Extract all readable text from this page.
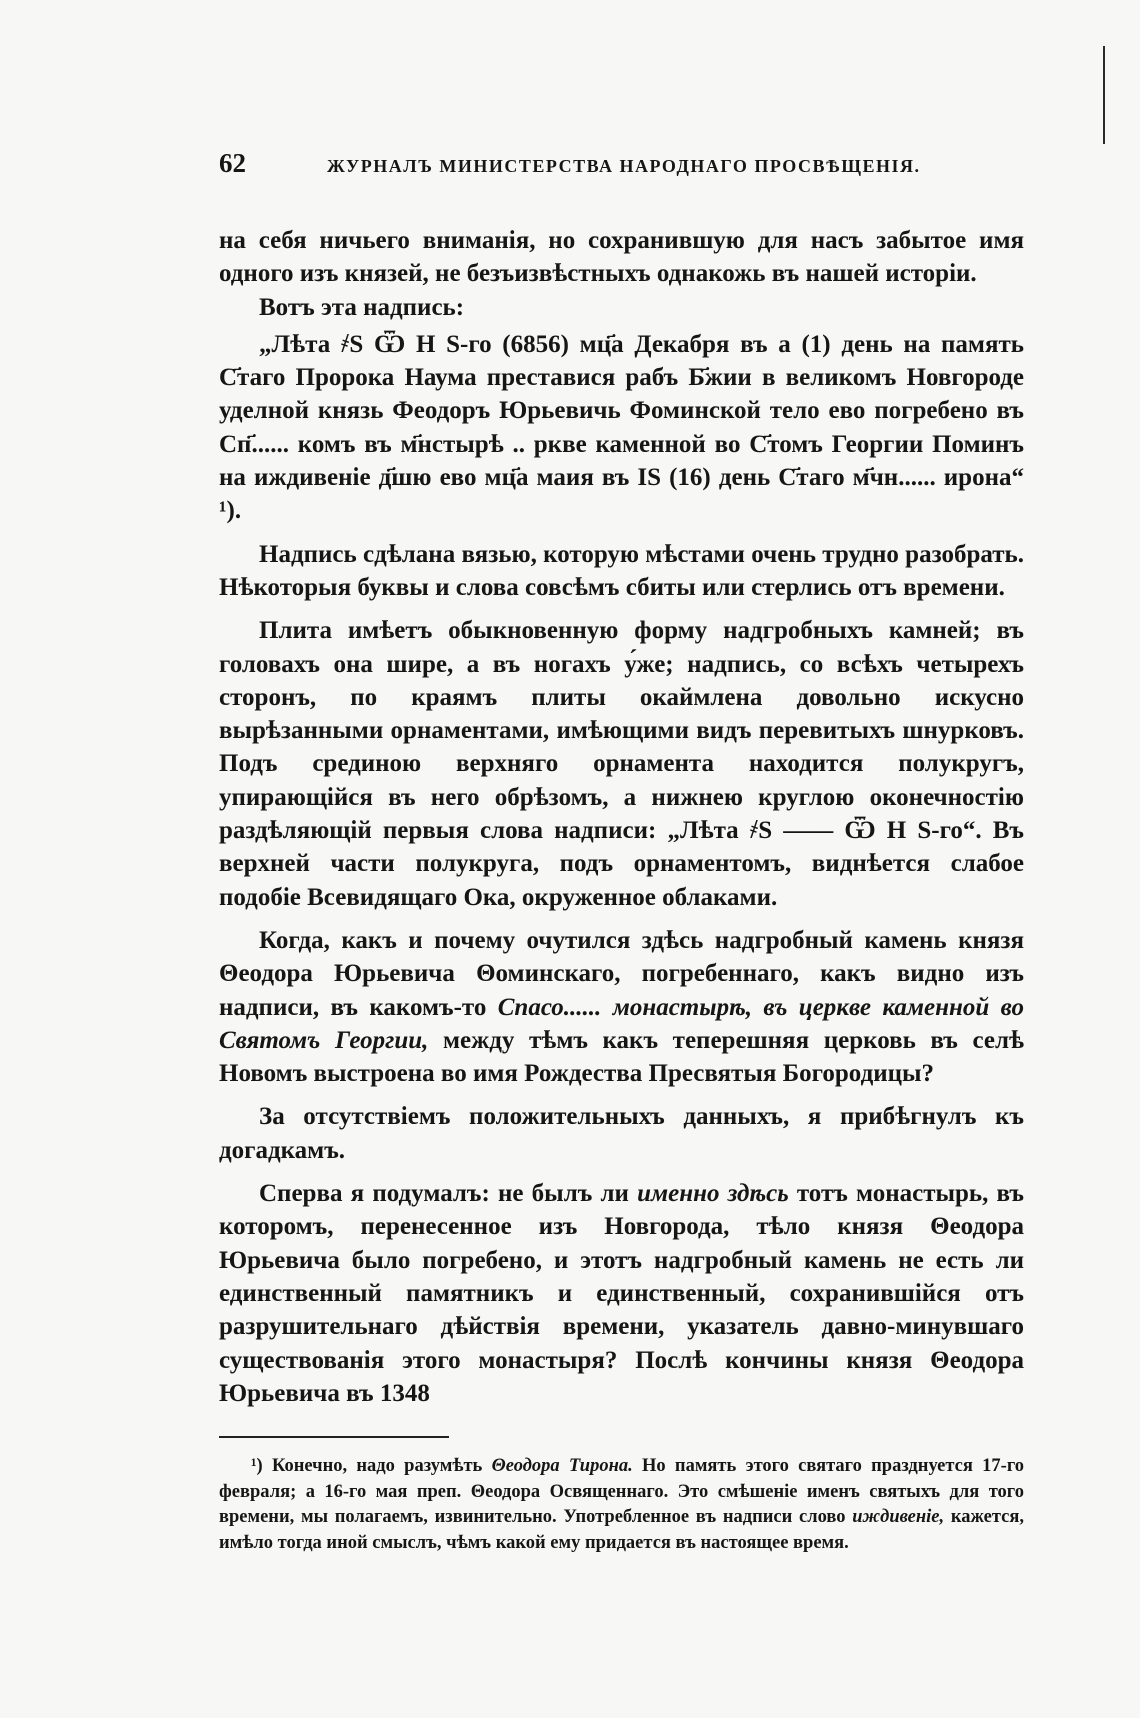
62	ЖУРНАЛЪ МИНИСТЕРСТВА НАРОДНАГО ПРОСВѢЩЕНІЯ.

на себя ничьего вниманія, но сохранившую для насъ забытое имя одного изъ князей, не безъизвѣстныхъ однакожь въ нашей исторіи.

Вотъ эта надпись:

„Лѣта ҂S Ѿ Н S-го (6856) мц҃а Декабря въ а (1) день на память С҃таго Пророка Наума преставися рабъ Б҃жии в великомъ Новгороде уделной князь Феодоръ Юрьевичь Фоминской тело ево погребено въ Сп҃...... комъ въ м҃нстырѣ .. ркве каменной во С҃томъ Георгии Поминъ на иждивеніе д҃шю ево мц҃а маия въ ІS (16) день С҃таго м҃чн...... ирона“ ¹).

Надпись сдѣлана вязью, которую мѣстами очень трудно разобрать. Нѣкоторыя буквы и слова совсѣмъ сбиты или стерлись отъ времени.

Плита имѣетъ обыкновенную форму надгробныхъ камней; въ головахъ она шире, а въ ногахъ у́же; надпись, со всѣхъ четырехъ сторонъ, по краямъ плиты окаймлена довольно искусно вырѣзанными орнаментами, имѣющими видъ перевитыхъ шнурковъ. Подъ срединою верхняго орнамента находится полукругъ, упирающійся въ него обрѣзомъ, а нижнею круглою оконечностію раздѣляющій первыя слова надписи: „Лѣта ҂S —— Ѿ Н S-го“. Въ верхней части полукруга, подъ орнаментомъ, виднѣется слабое подобіе Всевидящаго Ока, окруженное облаками.

Когда, какъ и почему очутился здѣсь надгробный камень князя Θеодора Юрьевича Θоминскаго, погребеннаго, какъ видно изъ надписи, въ какомъ-то Спасо...... монастырѣ, въ церкве каменной во Святомъ Георгии, между тѣмъ какъ теперешняя церковь въ селѣ Новомъ выстроена во имя Рождества Пресвятыя Богородицы?

За отсутствіемъ положительныхъ данныхъ, я прибѣгнулъ къ догадкамъ.

Сперва я подумалъ: не былъ ли именно здѣсь тотъ монастырь, въ которомъ, перенесенное изъ Новгорода, тѣло князя Θеодора Юрьевича было погребено, и этотъ надгробный камень не есть ли единственный памятникъ и единственный, сохранившійся отъ разрушительнаго дѣйствія времени, указатель давно-минувшаго существованія этого монастыря? Послѣ кончины князя Θеодора Юрьевича въ 1348

¹) Конечно, надо разумѣть Θеодора Тирона. Но память этого святаго празднуется 17-го февраля; а 16-го мая преп. Θеодора Освященнаго. Это смѣшеніе именъ святыхъ для того времени, мы полагаемъ, извинительно. Употребленное въ надписи слово иждивеніе, кажется, имѣло тогда иной смыслъ, чѣмъ какой ему придается въ настоящее время.
